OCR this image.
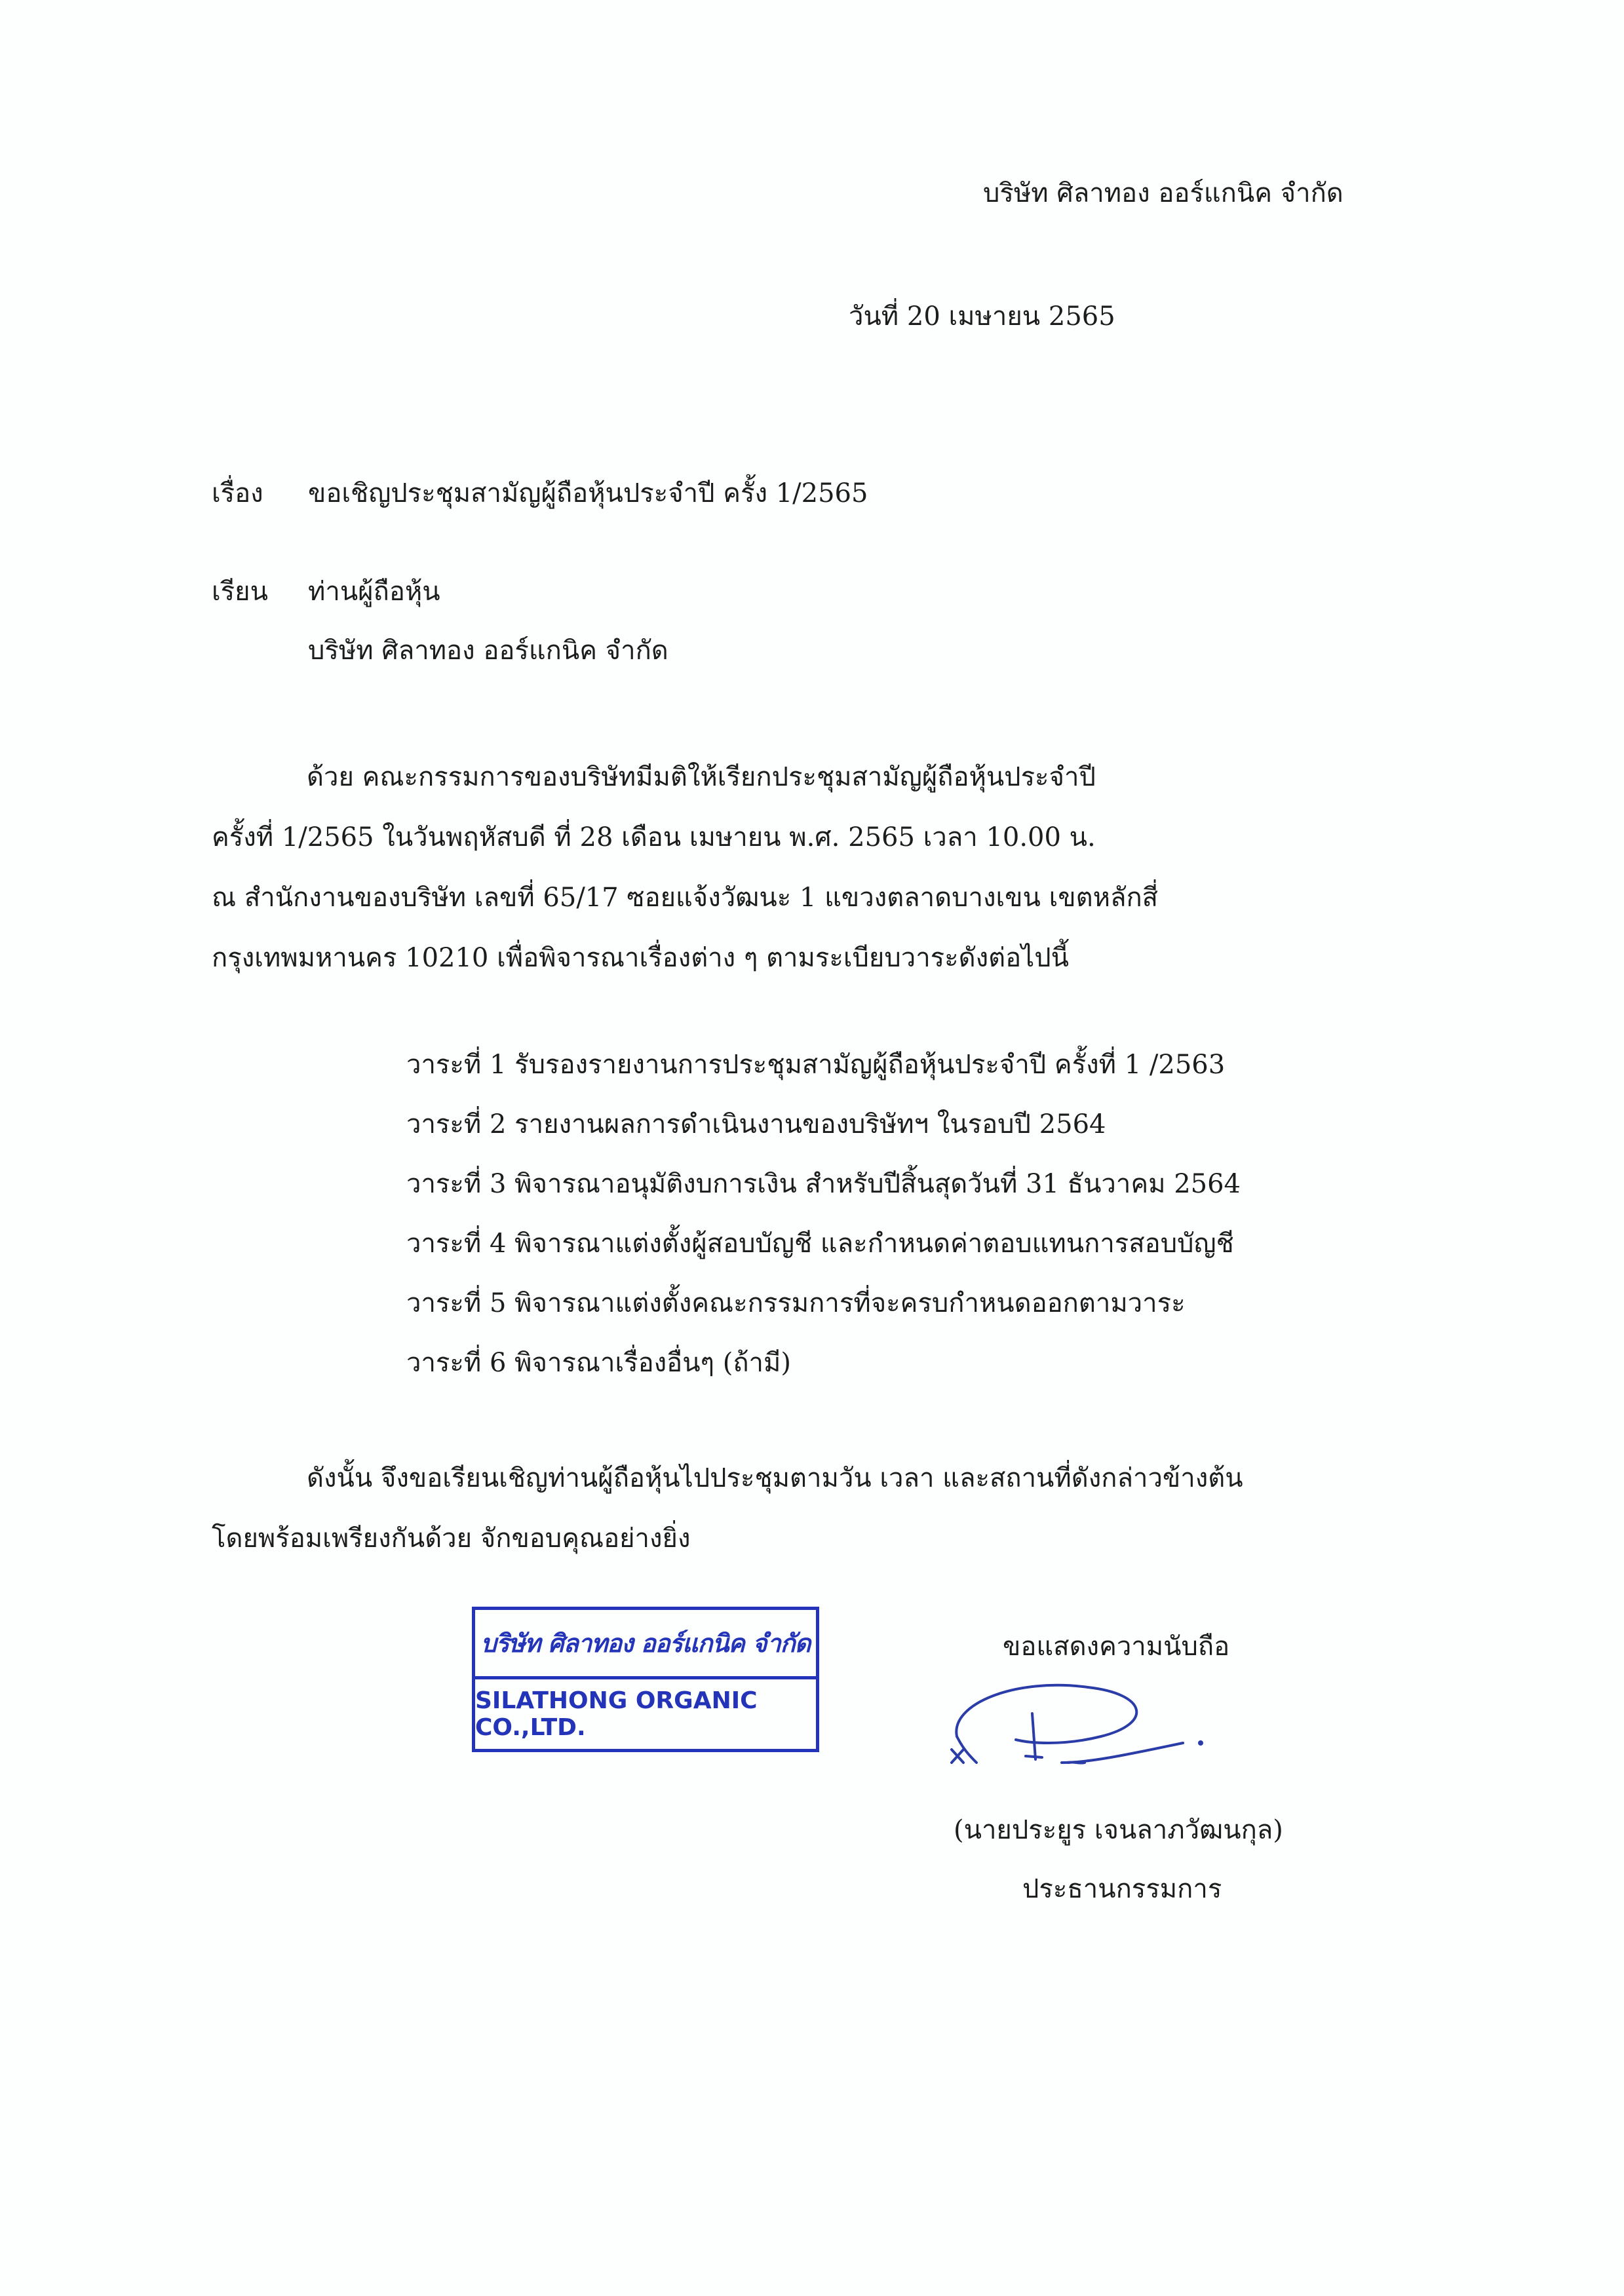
บริษัท ศิลาทอง ออร์แกนิค จำกัด
วันที่ 20 เมษายน 2565
เรื่อง ขอเชิญประชุมสามัญผู้ถือหุ้นประจำปี ครั้ง 1/2565
เรียน ท่านผู้ถือหุ้น
บริษัท ศิลาทอง ออร์แกนิค จำกัด
ด้วย คณะกรรมการของบริษัทมีมติให้เรียกประชุมสามัญผู้ถือหุ้นประจำปี
ครั้งที่ 1/2565 ในวันพฤหัสบดี ที่ 28 เดือน เมษายน พ.ศ. 2565 เวลา 10.00 น.
ณ สำนักงานของบริษัท เลขที่ 65/17 ซอยแจ้งวัฒนะ 1 แขวงตลาดบางเขน เขตหลักสี่
กรุงเทพมหานคร 10210 เพื่อพิจารณาเรื่องต่าง ๆ ตามระเบียบวาระดังต่อไปนี้
วาระที่ 1 รับรองรายงานการประชุมสามัญผู้ถือหุ้นประจำปี ครั้งที่ 1 /2563
วาระที่ 2 รายงานผลการดำเนินงานของบริษัทฯ ในรอบปี 2564
วาระที่ 3 พิจารณาอนุมัติงบการเงิน สำหรับปีสิ้นสุดวันที่ 31 ธันวาคม 2564
วาระที่ 4 พิจารณาแต่งตั้งผู้สอบบัญชี และกำหนดค่าตอบแทนการสอบบัญชี
วาระที่ 5 พิจารณาแต่งตั้งคณะกรรมการที่จะครบกำหนดออกตามวาระ
วาระที่ 6 พิจารณาเรื่องอื่นๆ (ถ้ามี)
ดังนั้น จึงขอเรียนเชิญท่านผู้ถือหุ้นไปประชุมตามวัน เวลา และสถานที่ดังกล่าวข้างต้น
โดยพร้อมเพรียงกันด้วย จักขอบคุณอย่างยิ่ง
บริษัท ศิลาทอง ออร์แกนิค จำกัด
SILATHONG ORGANIC CO.,LTD.
ขอแสดงความนับถือ
(นายประยูร เจนลาภวัฒนกุล)
ประธานกรรมการ
